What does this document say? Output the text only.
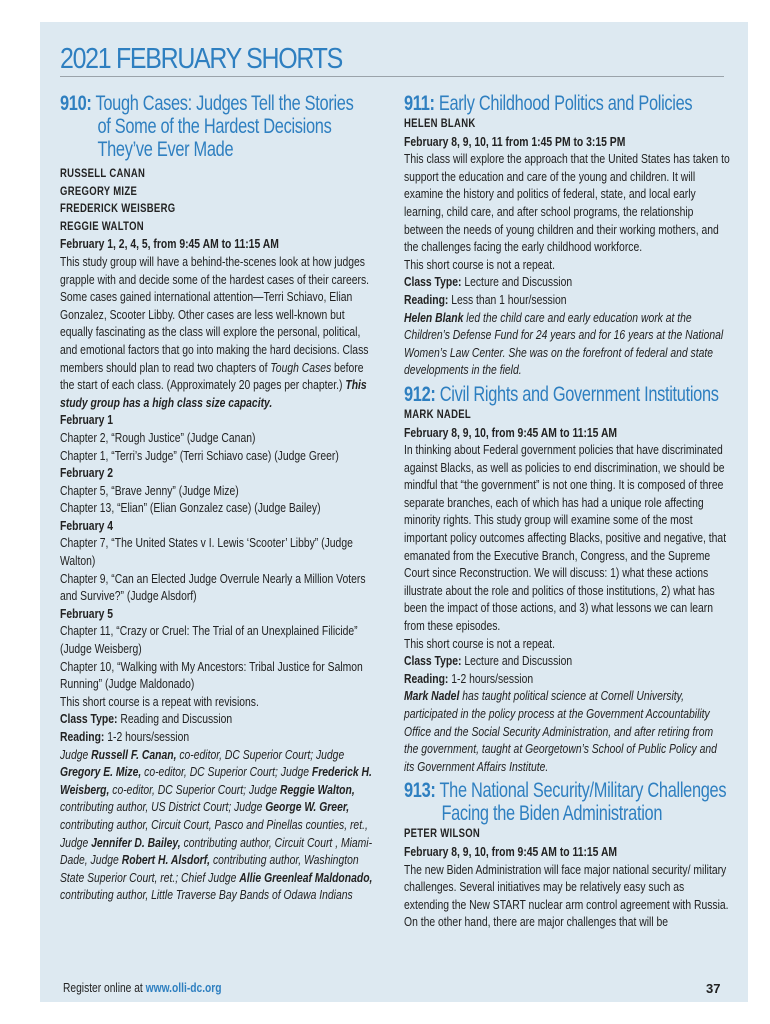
2021 FEBRUARY SHORTS
910: Tough Cases: Judges Tell the Stories
of Some of the Hardest Decisions
They’ve Ever Made
RUSSELL CANAN
GREGORY MIZE
FREDERICK WEISBERG
REGGIE WALTON

February 1, 2, 4, 5, from 9:45 AM to 11:15 AM

This study group will have a behind-the-scenes look at how judges grapple with and decide some of the hardest cases of their careers. Some cases gained international attention—Terri Schiavo, Elian Gonzalez, Scooter Libby. Other cases are less well-known but equally fascinating as the class will explore the personal, political, and emotional factors that go into making the hard decisions. Class members should plan to read two chapters of Tough Cases before the start of each class. (Approximately 20 pages per chapter.) This study group has a high class size capacity.

February 1

Chapter 2, “Rough Justice” (Judge Canan)

Chapter 1, “Terri’s Judge” (Terri Schiavo case) (Judge Greer)

February 2

Chapter 5, “Brave Jenny” (Judge Mize)

Chapter 13, “Elian” (Elian Gonzalez case) (Judge Bailey)

February 4

Chapter 7, “The United States v I. Lewis ‘Scooter’ Libby” (Judge Walton)

Chapter 9, “Can an Elected Judge Overrule Nearly a Million Voters and Survive?” (Judge Alsdorf)

February 5

Chapter 11, “Crazy or Cruel: The Trial of an Unexplained Filicide” (Judge Weisberg)

Chapter 10, “Walking with My Ancestors: Tribal Justice for Salmon Running” (Judge Maldonado)

This short course is a repeat with revisions.

Class Type: Reading and Discussion

Reading: 1-2 hours/session

Judge Russell F. Canan, co-editor, DC Superior Court; Judge Gregory E. Mize, co-editor, DC Superior Court; Judge Frederick H. Weisberg, co-editor, DC Superior Court; Judge Reggie Walton, contributing author, US District Court; Judge George W. Greer, contributing author, Circuit Court, Pasco and Pinellas counties, ret., Judge Jennifer D. Bailey, contributing author, Circuit Court , Miami-Dade, Judge Robert H. Alsdorf, contributing author, Washington State Superior Court, ret.; Chief Judge Allie Greenleaf Maldonado, contributing author, Little Traverse Bay Bands of Odawa Indians

911: Early Childhood Politics and Policies
HELEN BLANK

February 8, 9, 10, 11 from 1:45 PM to 3:15 PM

This class will explore the approach that the United States has taken to support the education and care of the young and children. It will examine the history and politics of federal, state, and local early learning, child care, and after school programs, the relationship between the needs of young children and their working mothers, and the challenges facing the early childhood workforce.

This short course is not a repeat.

Class Type: Lecture and Discussion

Reading: Less than 1 hour/session

Helen Blank led the child care and early education work at the Children’s Defense Fund for 24 years and for 16 years at the National Women’s Law Center. She was on the forefront of federal and state developments in the field.

912: Civil Rights and Government Institutions
MARK NADEL

February 8, 9, 10, from 9:45 AM to 11:15 AM

In thinking about Federal government policies that have discriminated against Blacks, as well as policies to end discrimination, we should be mindful that “the government” is not one thing. It is composed of three separate branches, each of which has had a unique role affecting minority rights. This study group will examine some of the most important policy outcomes affecting Blacks, positive and negative, that emanated from the Executive Branch, Congress, and the Supreme Court since Reconstruction. We will discuss: 1) what these actions illustrate about the role and politics of those institutions, 2) what has been the impact of those actions, and 3) what lessons we can learn from these episodes.

This short course is not a repeat.

Class Type: Lecture and Discussion

Reading: 1-2 hours/session

Mark Nadel has taught political science at Cornell University, participated in the policy process at the Government Accountability Office and the Social Security Administration, and after retiring from the government, taught at Georgetown’s School of Public Policy and its Government Affairs Institute.

913: The National Security/Military Challenges
Facing the Biden Administration
PETER WILSON

February 8, 9, 10, from 9:45 AM to 11:15 AM

The new Biden Administration will face major national security/ military challenges. Several initiatives may be relatively easy such as extending the New START nuclear arm control agreement with Russia. On the other hand, there are major challenges that will be

Register online at www.olli-dc.org	37
